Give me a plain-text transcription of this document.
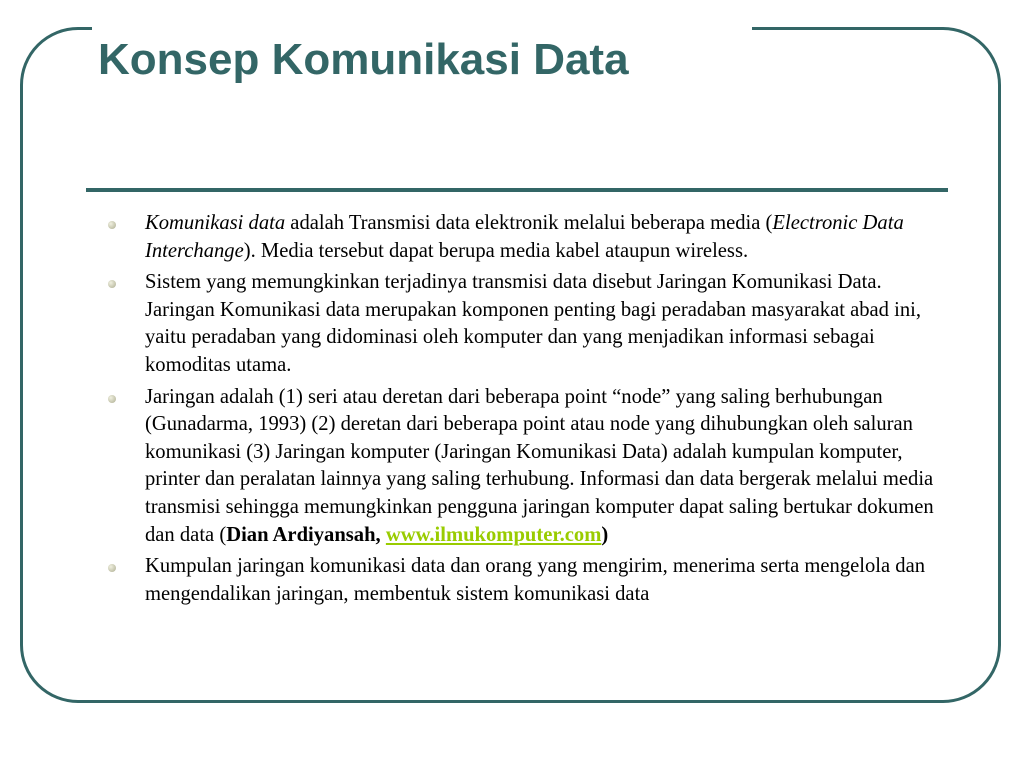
Konsep Komunikasi Data
Komunikasi data adalah Transmisi data elektronik melalui beberapa media (Electronic Data Interchange). Media tersebut dapat berupa media kabel ataupun wireless.
Sistem yang memungkinkan terjadinya transmisi data disebut Jaringan Komunikasi Data. Jaringan Komunikasi data merupakan komponen penting bagi peradaban masyarakat abad ini, yaitu peradaban yang didominasi oleh komputer dan yang menjadikan informasi sebagai komoditas utama.
Jaringan adalah (1) seri atau deretan dari beberapa point “node” yang saling berhubungan (Gunadarma, 1993) (2) deretan dari beberapa point atau node yang dihubungkan oleh saluran komunikasi (3) Jaringan komputer (Jaringan Komunikasi Data) adalah kumpulan komputer, printer dan peralatan lainnya yang saling terhubung. Informasi dan data bergerak melalui media transmisi sehingga memungkinkan pengguna jaringan komputer dapat saling bertukar dokumen dan data (Dian Ardiyansah, www.ilmukomputer.com)
Kumpulan jaringan komunikasi data dan orang yang mengirim, menerima serta mengelola dan mengendalikan jaringan, membentuk sistem komunikasi data
